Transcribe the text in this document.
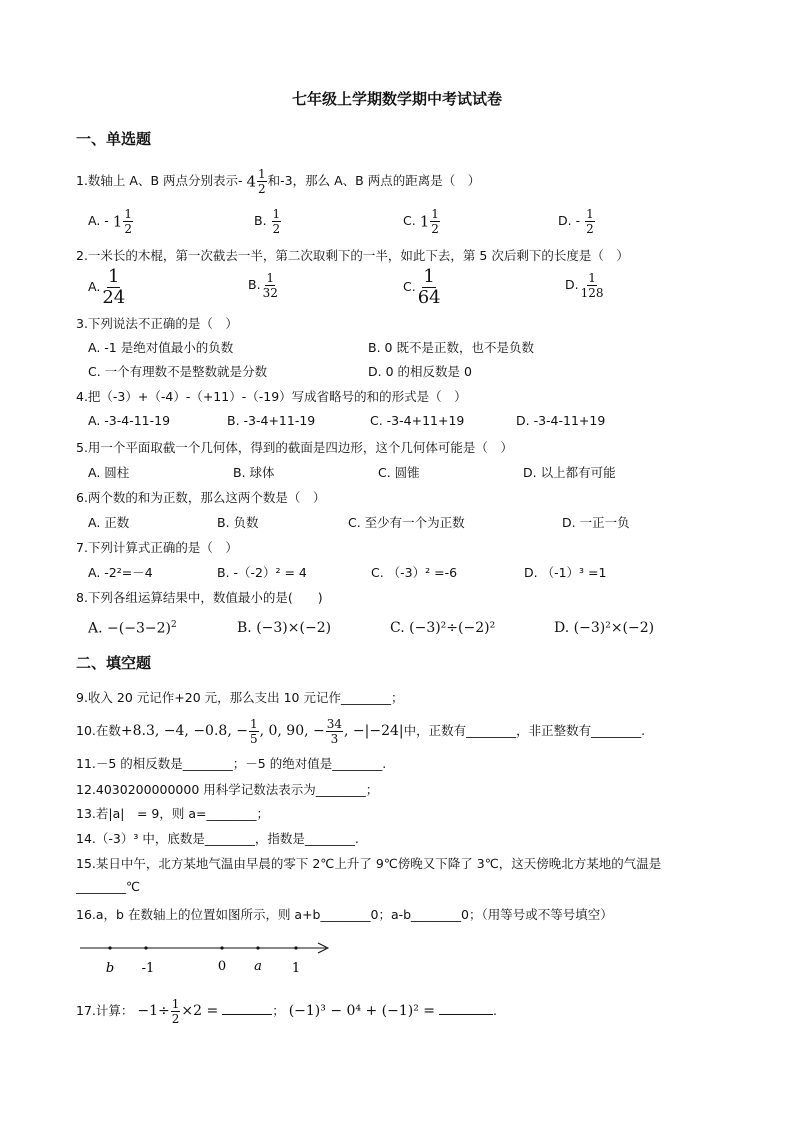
七年级上学期数学期中考试试卷
一、单选题
1.数轴上 A、B 两点分别表示- $4 \frac{1}{2}$ 和-3，那么 A、B 两点的距离是（　）
A. - $1 \frac{1}{2}$	B. $\frac{1}{2}$	C. $1 \frac{1}{2}$	D. - $\frac{1}{2}$
2.一米长的木棍，第一次截去一半，第二次取剩下的一半，如此下去，第 5 次后剩下的长度是（　）
A. $\frac{1}{24}$	B. $\frac{1}{32}$	C. $\frac{1}{64}$	D. $\frac{1}{128}$
3.下列说法不正确的是（　）
A. -1 是绝对值最小的负数	B. 0 既不是正数，也不是负数
C. 一个有理数不是整数就是分数	D. 0 的相反数是 0
4.把（-3）+（-4）-（+11）-（-19）写成省略号的和的形式是（　）
A. -3-4-11-19	B. -3-4+11-19	C. -3-4+11+19	D. -3-4-11+19
5.用一个平面取截一个几何体，得到的截面是四边形，这个几何体可能是（　）
A. 圆柱	B. 球体	C. 圆锥	D. 以上都有可能
6.两个数的和为正数，那么这两个数是（　）
A. 正数	B. 负数	C. 至少有一个为正数	D. 一正一负
7.下列计算式正确的是（　）
A. -2²=－4	B. -（-2）² = 4	C. （-3）² =-6	D. （-1）³ =1
8.下列各组运算结果中，数值最小的是(　　)
A. $-(-3-2)^2$	B. (−3)×(−2)	C. (−3)²÷(−2)²	D. (−3)²×(−2)
二、填空题
9.收入 20 元记作+20 元，那么支出 10 元记作________；
10.在数+8.3, −4, −0.8, − $\frac{1}{5}$ , 0, 90, − $\frac{34}{3}$ , −|−24|中，正数有________，非正整数有________.
11.－5 的相反数是________；－5 的绝对值是________.
12.4030200000000 用科学记数法表示为________；
13.若|a|　= 9，则 a=________；
14.（-3）³ 中，底数是________，指数是________.
15.某日中午，北方某地气温由早晨的零下 2℃上升了 9℃傍晚又下降了 3℃，这天傍晚北方某地的气温是
________℃
16.a，b 在数轴上的位置如图所示，则 a+b________0；a-b________0；（用等号或不等号填空）
b -1	0 a 1
17.计算： $-1\div \frac{1}{2} \times 2$ =	； (−1)³ − 0⁴ + (−1)² =	.
